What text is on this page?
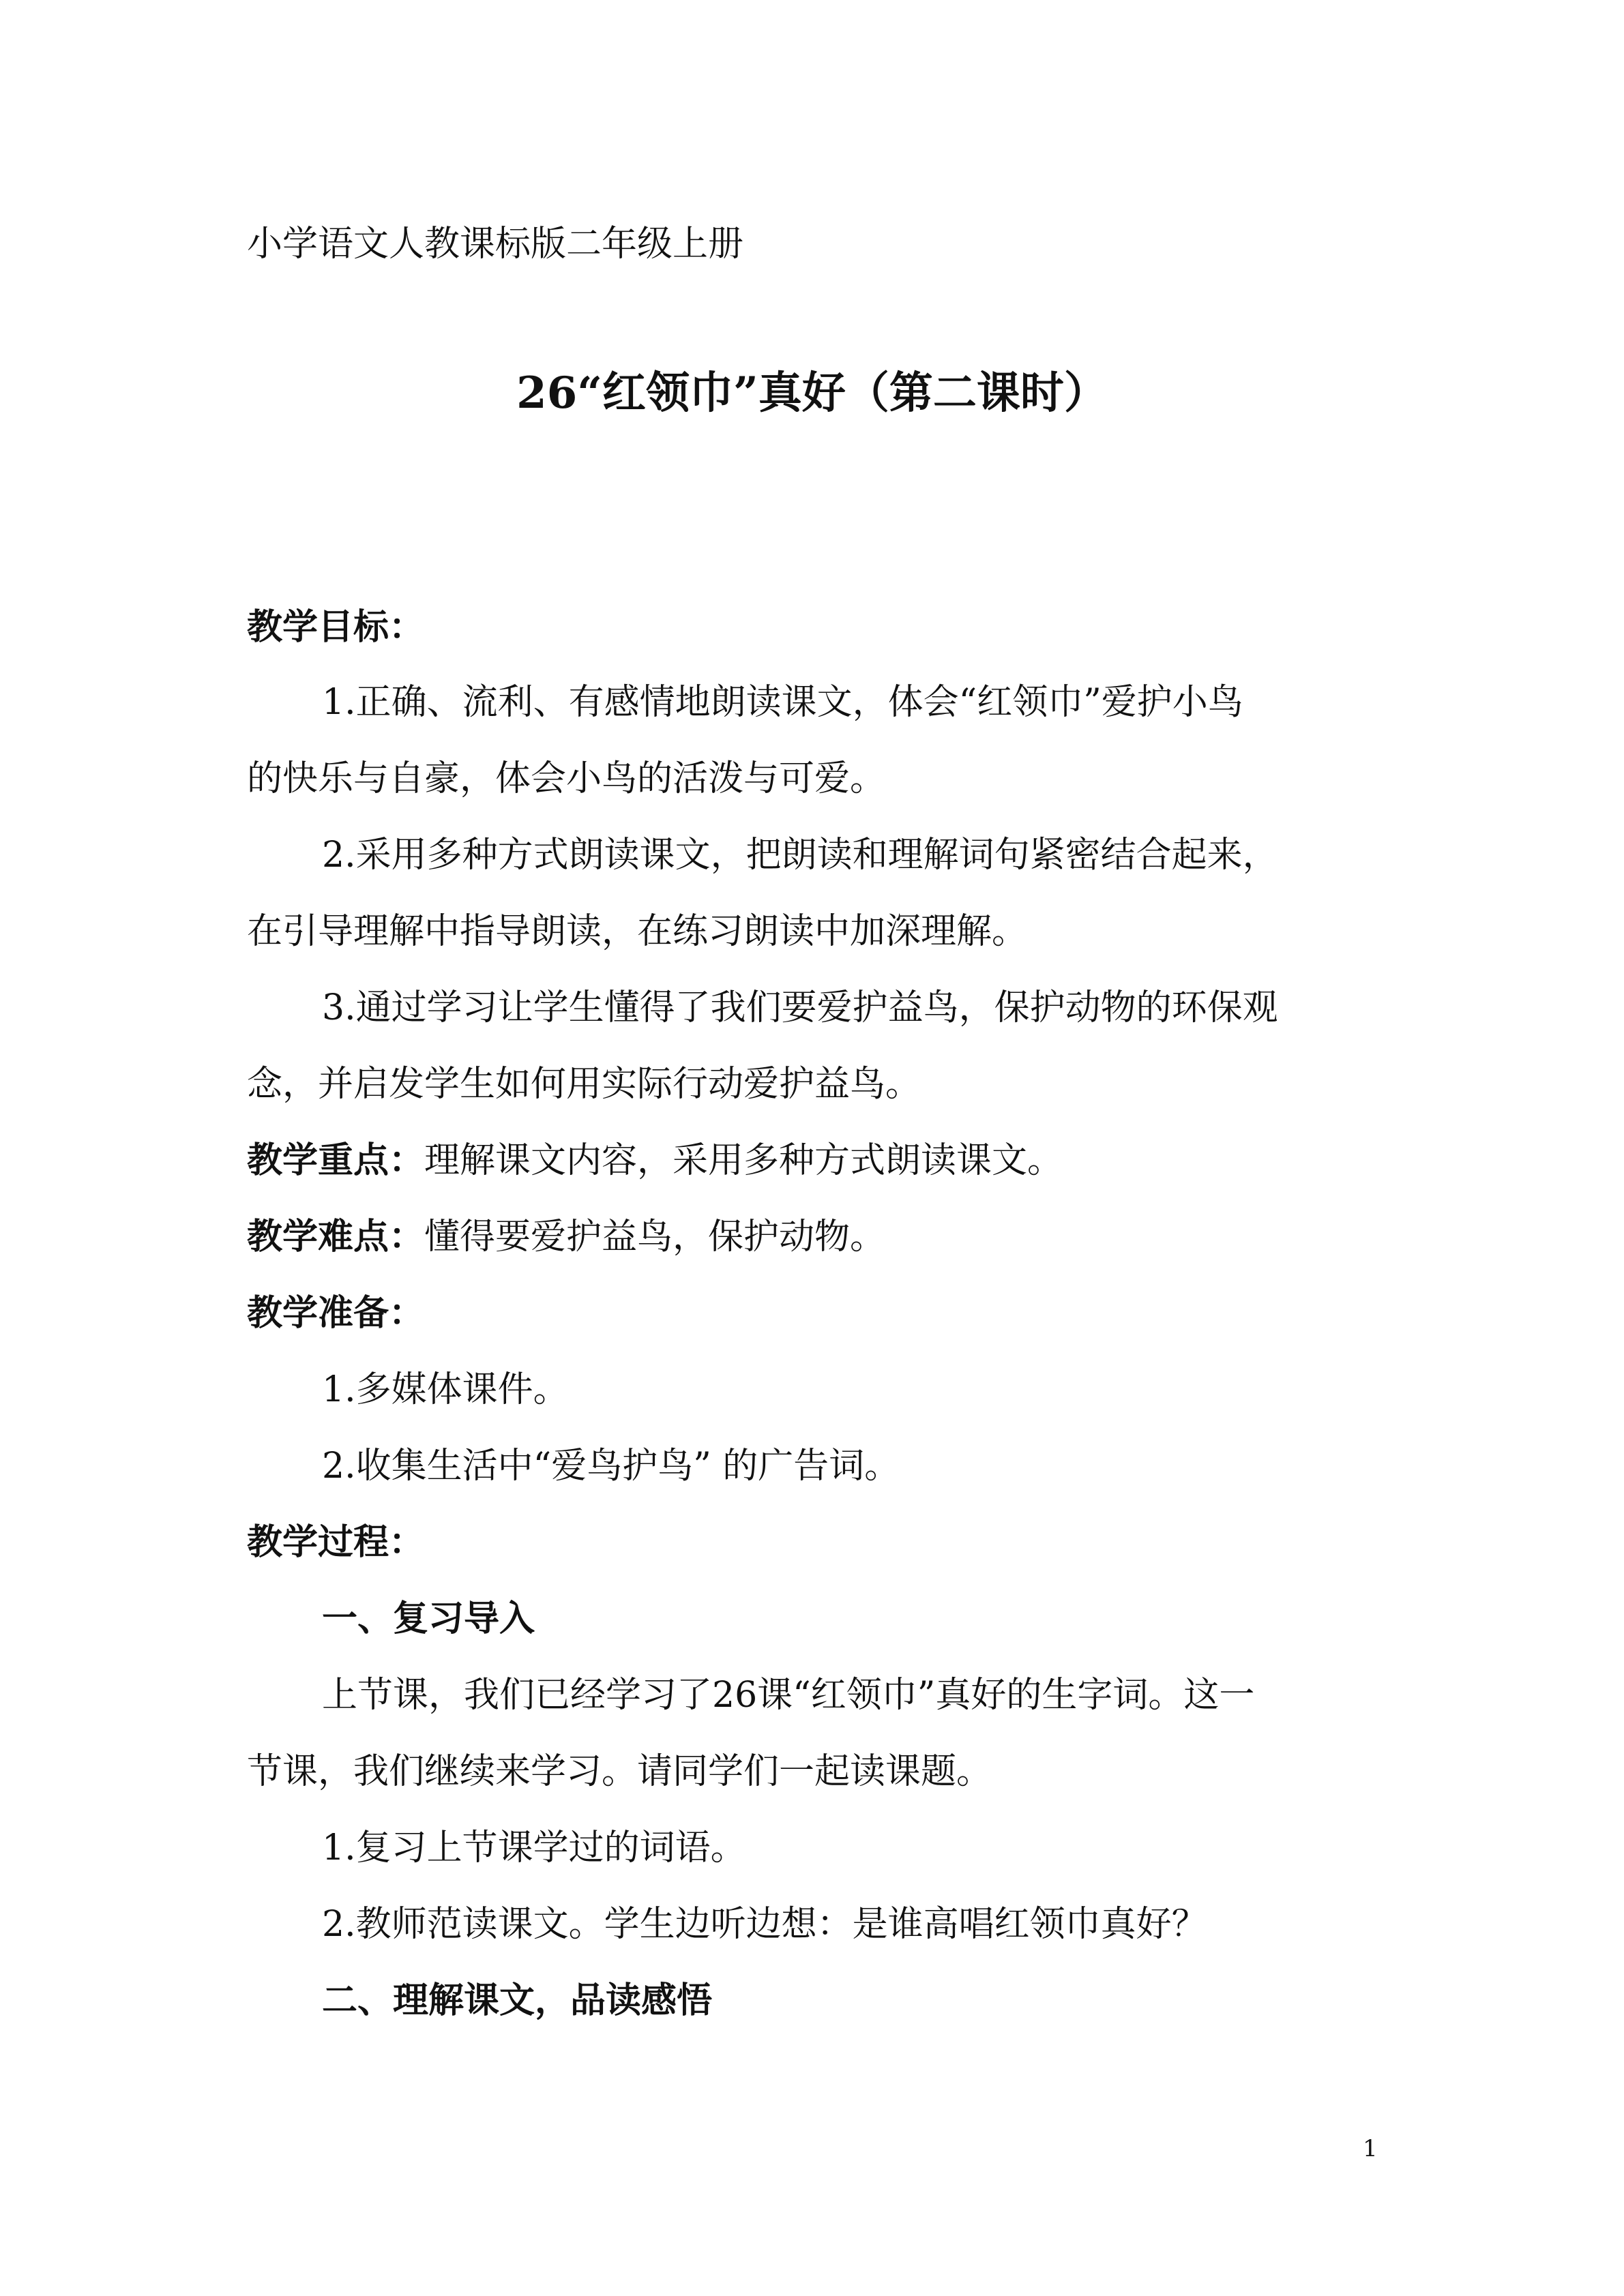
小学语文人教课标版二年级上册
26“红领巾”真好（第二课时）
教学目标：
1.正确、流利、有感情地朗读课文，体会“红领巾”爱护小鸟
的快乐与自豪，体会小鸟的活泼与可爱。
2.采用多种方式朗读课文，把朗读和理解词句紧密结合起来，
在引导理解中指导朗读，在练习朗读中加深理解。
3.通过学习让学生懂得了我们要爱护益鸟，保护动物的环保观
念，并启发学生如何用实际行动爱护益鸟。
教学重点：理解课文内容，采用多种方式朗读课文。
教学难点：懂得要爱护益鸟，保护动物。
教学准备：
1.多媒体课件。
2.收集生活中“爱鸟护鸟” 的广告词。
教学过程：
一、复习导入
上节课，我们已经学习了26课“红领巾”真好的生字词。这一
节课，我们继续来学习。请同学们一起读课题。
1.复习上节课学过的词语。
2.教师范读课文。学生边听边想：是谁高唱红领巾真好？
二、理解课文，品读感悟
1
